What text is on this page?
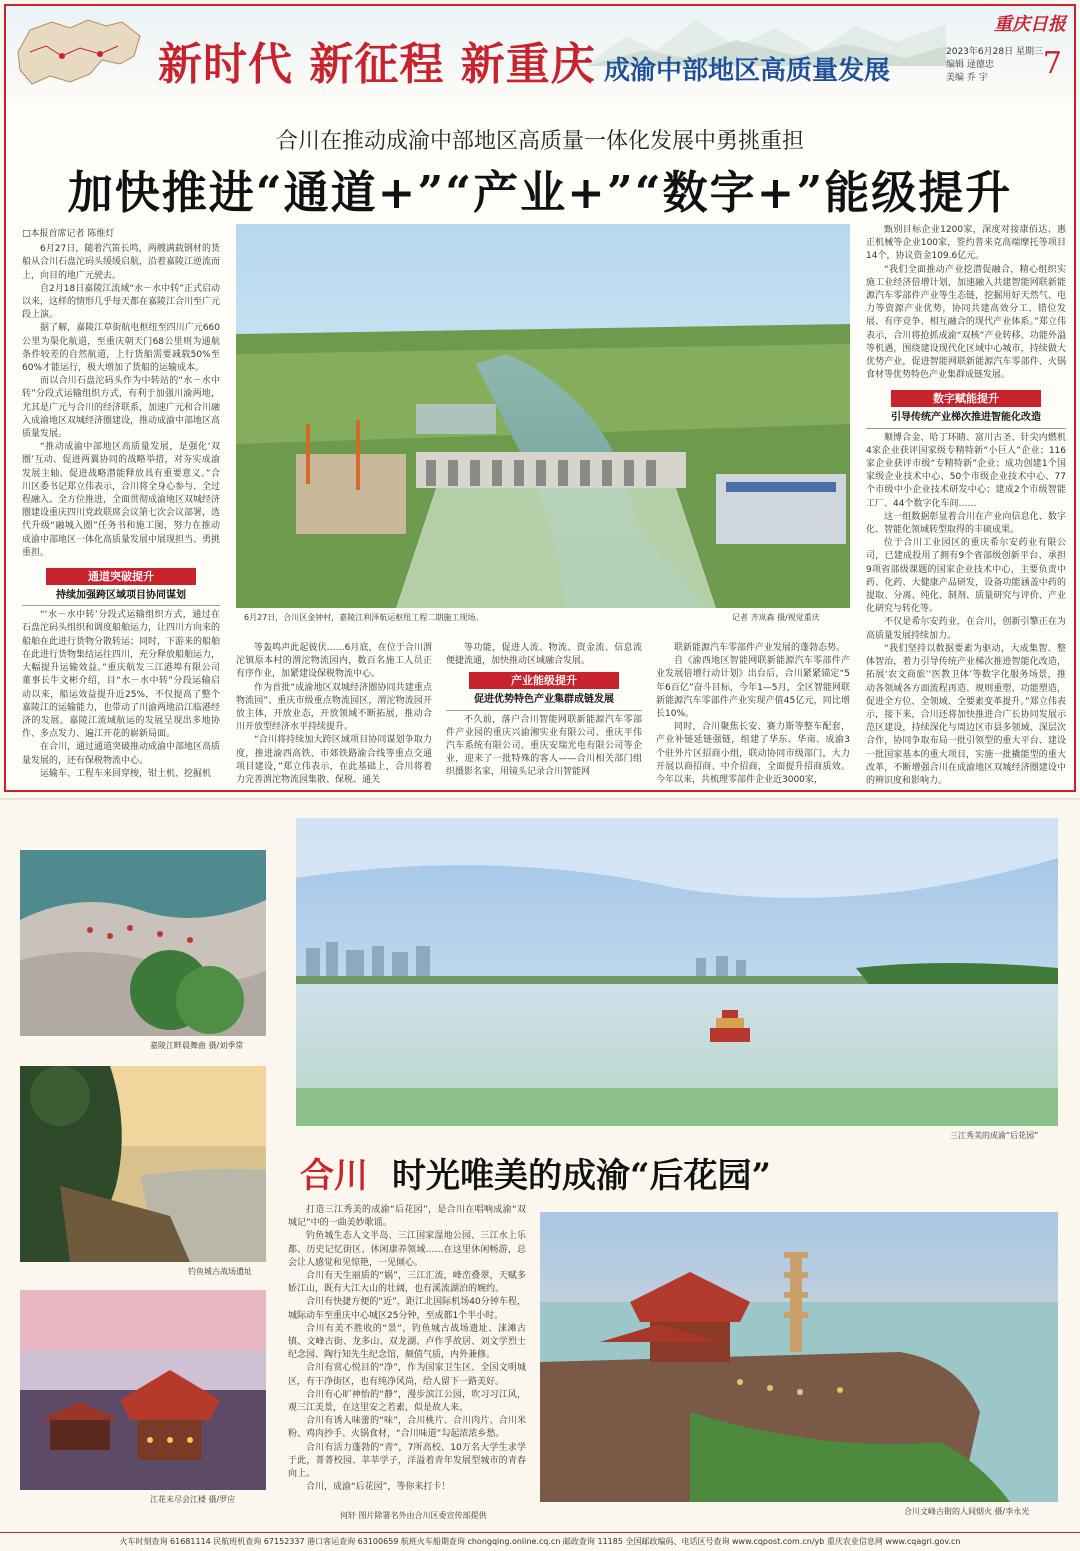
新时代 新征程 新重庆 成渝中部地区高质量发展
重庆日报
2023年6月28日 星期三
编辑 逯德忠
美编 乔 宇	7
合川在推动成渝中部地区高质量一体化发展中勇挑重担
加快推进“通道+”“产业+”“数字+”能级提升
□本报首席记者 陈维灯

6月27日，随着汽笛长鸣，两艘满载钢材的货船从合川石盘沱码头缓缓启航，沿着嘉陵江逆流而上，向目的地广元驶去。

自2月18日嘉陵江流域“水－水中转”正式启动以来，这样的情形几乎每天都在嘉陵江合川至广元段上演。

据了解，嘉陵江草街航电枢纽至四川广元660公里为渠化航道，至重庆朝天门68公里则为通航条件较差的自然航道，上行货船需要减载50%至60%才能运行，极大增加了货船的运输成本。

而以合川石盘沱码头作为中转站的“水－水中转”分段式运输组织方式，有利于加强川渝两地，尤其是广元与合川的经济联系，加速广元和合川融入成渝地区双城经济圈建设，推动成渝中部地区高质量发展。

“推动成渝中部地区高质量发展，是强化‘双圈’互动、促进两翼协同的战略举措，对夯实成渝发展主轴、促进战略潜能释放具有重要意义。”合川区委书记郑立伟表示，合川将全身心参与、全过程融入、全方位推进，全面贯彻成渝地区双城经济圈建设重庆四川党政联席会议第七次会议部署，选代升级“融城入圈”任务书和施工图，努力在推动成渝中部地区一体化高质量发展中展现担当、勇挑重担。

通道突破提升
持续加强跨区域项目协同谋划

“‘水－水中转’分段式运输组织方式，通过在石盘沱码头组织和调度船舶运力，让四川方向来的船舶在此进行货物分散转运；同时，下游来的船舶在此进行货物集结运往四川，充分释放船舶运力，大幅提升运输效益。”重庆航发三江港埠有限公司董事长牛文彬介绍，目“水－水中转”分段运输启动以来，船运效益提升近25%，不仅提高了整个嘉陵江的运输能力，也带动了川渝两地沿江临港经济的发展。嘉陵江流域航运的发展呈现出多地协作、多点发力、遍江开花的崭新局面。

在合川，通过通道突破推动成渝中部地区高质量发展的，还有保税物流中心。

运输车、工程车来回穿梭，钳土机、挖掘机

6月27日，合川区金钟村，嘉陵江利泽航运枢纽工程二期施工现场。	记者 齐岚森 摄/视觉重庆

等轰鸣声此起彼伏……6月底，在位于合川渭沱镇原本村的渭沱物流园内，数百名施工人员正有序作业，加紧建设保税物流中心。

作为首批“成渝地区双城经济圈协同共建重点物流园”、重庆市级重点物流园区，渭沱物流园开放主体，开放业态，开放领域不断拓展，推动合川开放型经济水平持续提升。

“合川将持续加大跨区域项目协同谋划争取力度，推进渝西高铁、市郊铁路渝合线等重点交通项目建设，”郑立伟表示，在此基础上，合川将着力完善渭沱物流园集散、保税、通关

等功能，促进人流、物流、资金流、信息流便捷流通，加快推动区域融合发展。

产业能级提升
促进优势特色产业集群成链发展

不久前，落户合川智能网联新能源汽车零部件产业园的重庆兴渝湘实业有限公司、重庆平伟汽车系统有限公司、重庆安瑞光电有限公司等企业，迎来了一批特殊的客人——合川相关部门组织摄影名家，用镜头记录合川智能网

联新能源汽车零部件产业发展的蓬勃态势。

自《渝西地区智能网联新能源汽车零部件产业发展倍增行动计划》出台后，合川紧紧锚定“5年6百亿”奋斗目标，今年1—5月，全区智能网联新能源汽车零部件产业实现产值45亿元，同比增长10%。

同时，合川聚焦长安、赛力斯等整车配套，产业补链延链强链，组建了华东、华南、成渝3个驻外片区招商小组，联动协同市级部门，大力开展以商招商、中介招商，全面提升招商质效。今年以来，共梳理零部件企业近3000家，

甄别目标企业1200家，深度对接康佰达、惠正机械等企业100家，签约普来克高端摩托等项目14个，协议资金109.6亿元。

“我们全面推动产业挖潜促融合，精心组织实施工业经济倍增计划，加速融入共建智能网联新能源汽车零部件产业等生态链，挖掘用好天然气、电力等资源产业优势，协同共建高效分工、错位发展、有序竞争、相互融合的现代产业体系。”郑立伟表示，合川将抢抓成渝“双核”产业转移、功能外溢等机遇，围绕建设现代化区域中心城市，持续做大优势产业，促进智能网联新能源汽车零部件、火锅食材等优势特色产业集群成链发展。

数字赋能提升
引导传统产业梯次推进智能化改造

顺博合金、哈丁环睛、富川古圣、针尖内燃机4家企业获评国家级专精特新“小巨人”企业；116家企业获评市级“专精特新”企业；成功创建1个国家级企业技术中心、50个市级企业技术中心、77个市级中小企业技术研发中心；建成2个市级智能工厂、44个数字化车间……

这一组数据彰显着合川在产业向信息化、数字化、智能化领域转型取得的丰硕成果。

位于合川工业园区的重庆希尔安药业有限公司，已建成投用了拥有9个省部级创新平台、承担9项省部级课题的国家企业技术中心，主要负责中药、化药、大健康产品研发，设备功能涵盖中药的提取、分离、纯化、制剂、质量研究与评价、产业化研究与转化等。

不仅是希尔安药业，在合川，创新引擎正在为高质量发展持续加力。

“我们坚持以数据要素为驱动，大成集智、整体智治，着力引导传统产业梯次推进智能化改造，拓展‘农文商旅’‘医教卫体’等数字化服务场景，推动各领域各方面流程再造、规则重塑、功能塑造，促进全方位、全领域、全要素变革提升。”郑立伟表示，接下来，合川还将加快推进合广长协同发展示范区建设，持续深化与周边区市县多领域、深层次合作，协同争取布局一批引领型的重大平台、建设一批国家基本的重大项目，实施一批撬能型的重大改革，不断增强合川在成渝地区双城经济圈建设中的辨识度和影响力。

嘉陵江畔晨舞曲 摄/刘季常
钓鱼城古战场遗址
江花未尽会江楼 摄/罗应
三江秀美的成渝“后花园”
合川 时光唯美的成渝“后花园”

打造三江秀美的成渝“后花园”，是合川在唱响成渝“双城记”中的一曲美妙歌谣。

钓鱼城生态人文半岛、三江国家湿地公园、三江水上乐都、历史记忆街区、休闲康养领域……在这里休闲畅游，总会让人感觉和见惊艳，一见倾心。

合川有天生丽质的“娲”，三江汇流，峰峦叠翠，天赋多娇江山，既有大江大山的壮阔，也有溪流湖泊的婉约。

合川有快捷方便的“近”，距江北国际机场40分钟车程，城际动车至重庆中心城区25分钟，至成都1个半小时。

合川有美不胜收的“景”，钓鱼城古战场遗址、涞滩古镇、文峰古街、龙多山、双龙湖、卢作孚故居、刘文学烈士纪念园、陶行知先生纪念馆，颇值气质，内外兼修。

合川有赏心悦目的“净”，作为国家卫生区、全国文明城区，有干净街区，也有纯净风尚，给人留下一路美好。

合川有心旷神怡的“静”，漫步滨江公园，吹习习江风，观三江美景，在这里安之若素，似是故人来。

合川有诱人味蕾的“味”，合川桃片、合川肉片、合川米粉、鸡肉抄手、火锅食材，“合川味道”勾起浓浓乡愁。

合川有活力蓬勃的“青”，7所高校、10万名大学生求学于此，菁菁校园、莘莘学子，洋溢着青年发展型城市的青春向上。

合川，成渝“后花园”，等你来打卡！

何轩 图片除署名外由合川区委宣传部提供	合川文峰古街的人间烟火 摄/李永光
火车时刻查询 61681114 民航班机查询 67152337 港口客运查询 63100659 航班火车船期查询 chongqing.online.cq.cn 邮政查询 11185 全国邮政编码、电话区号查询 www.cqpost.com.cn/yb 重庆农业信息网 www.cqagri.gov.cn
